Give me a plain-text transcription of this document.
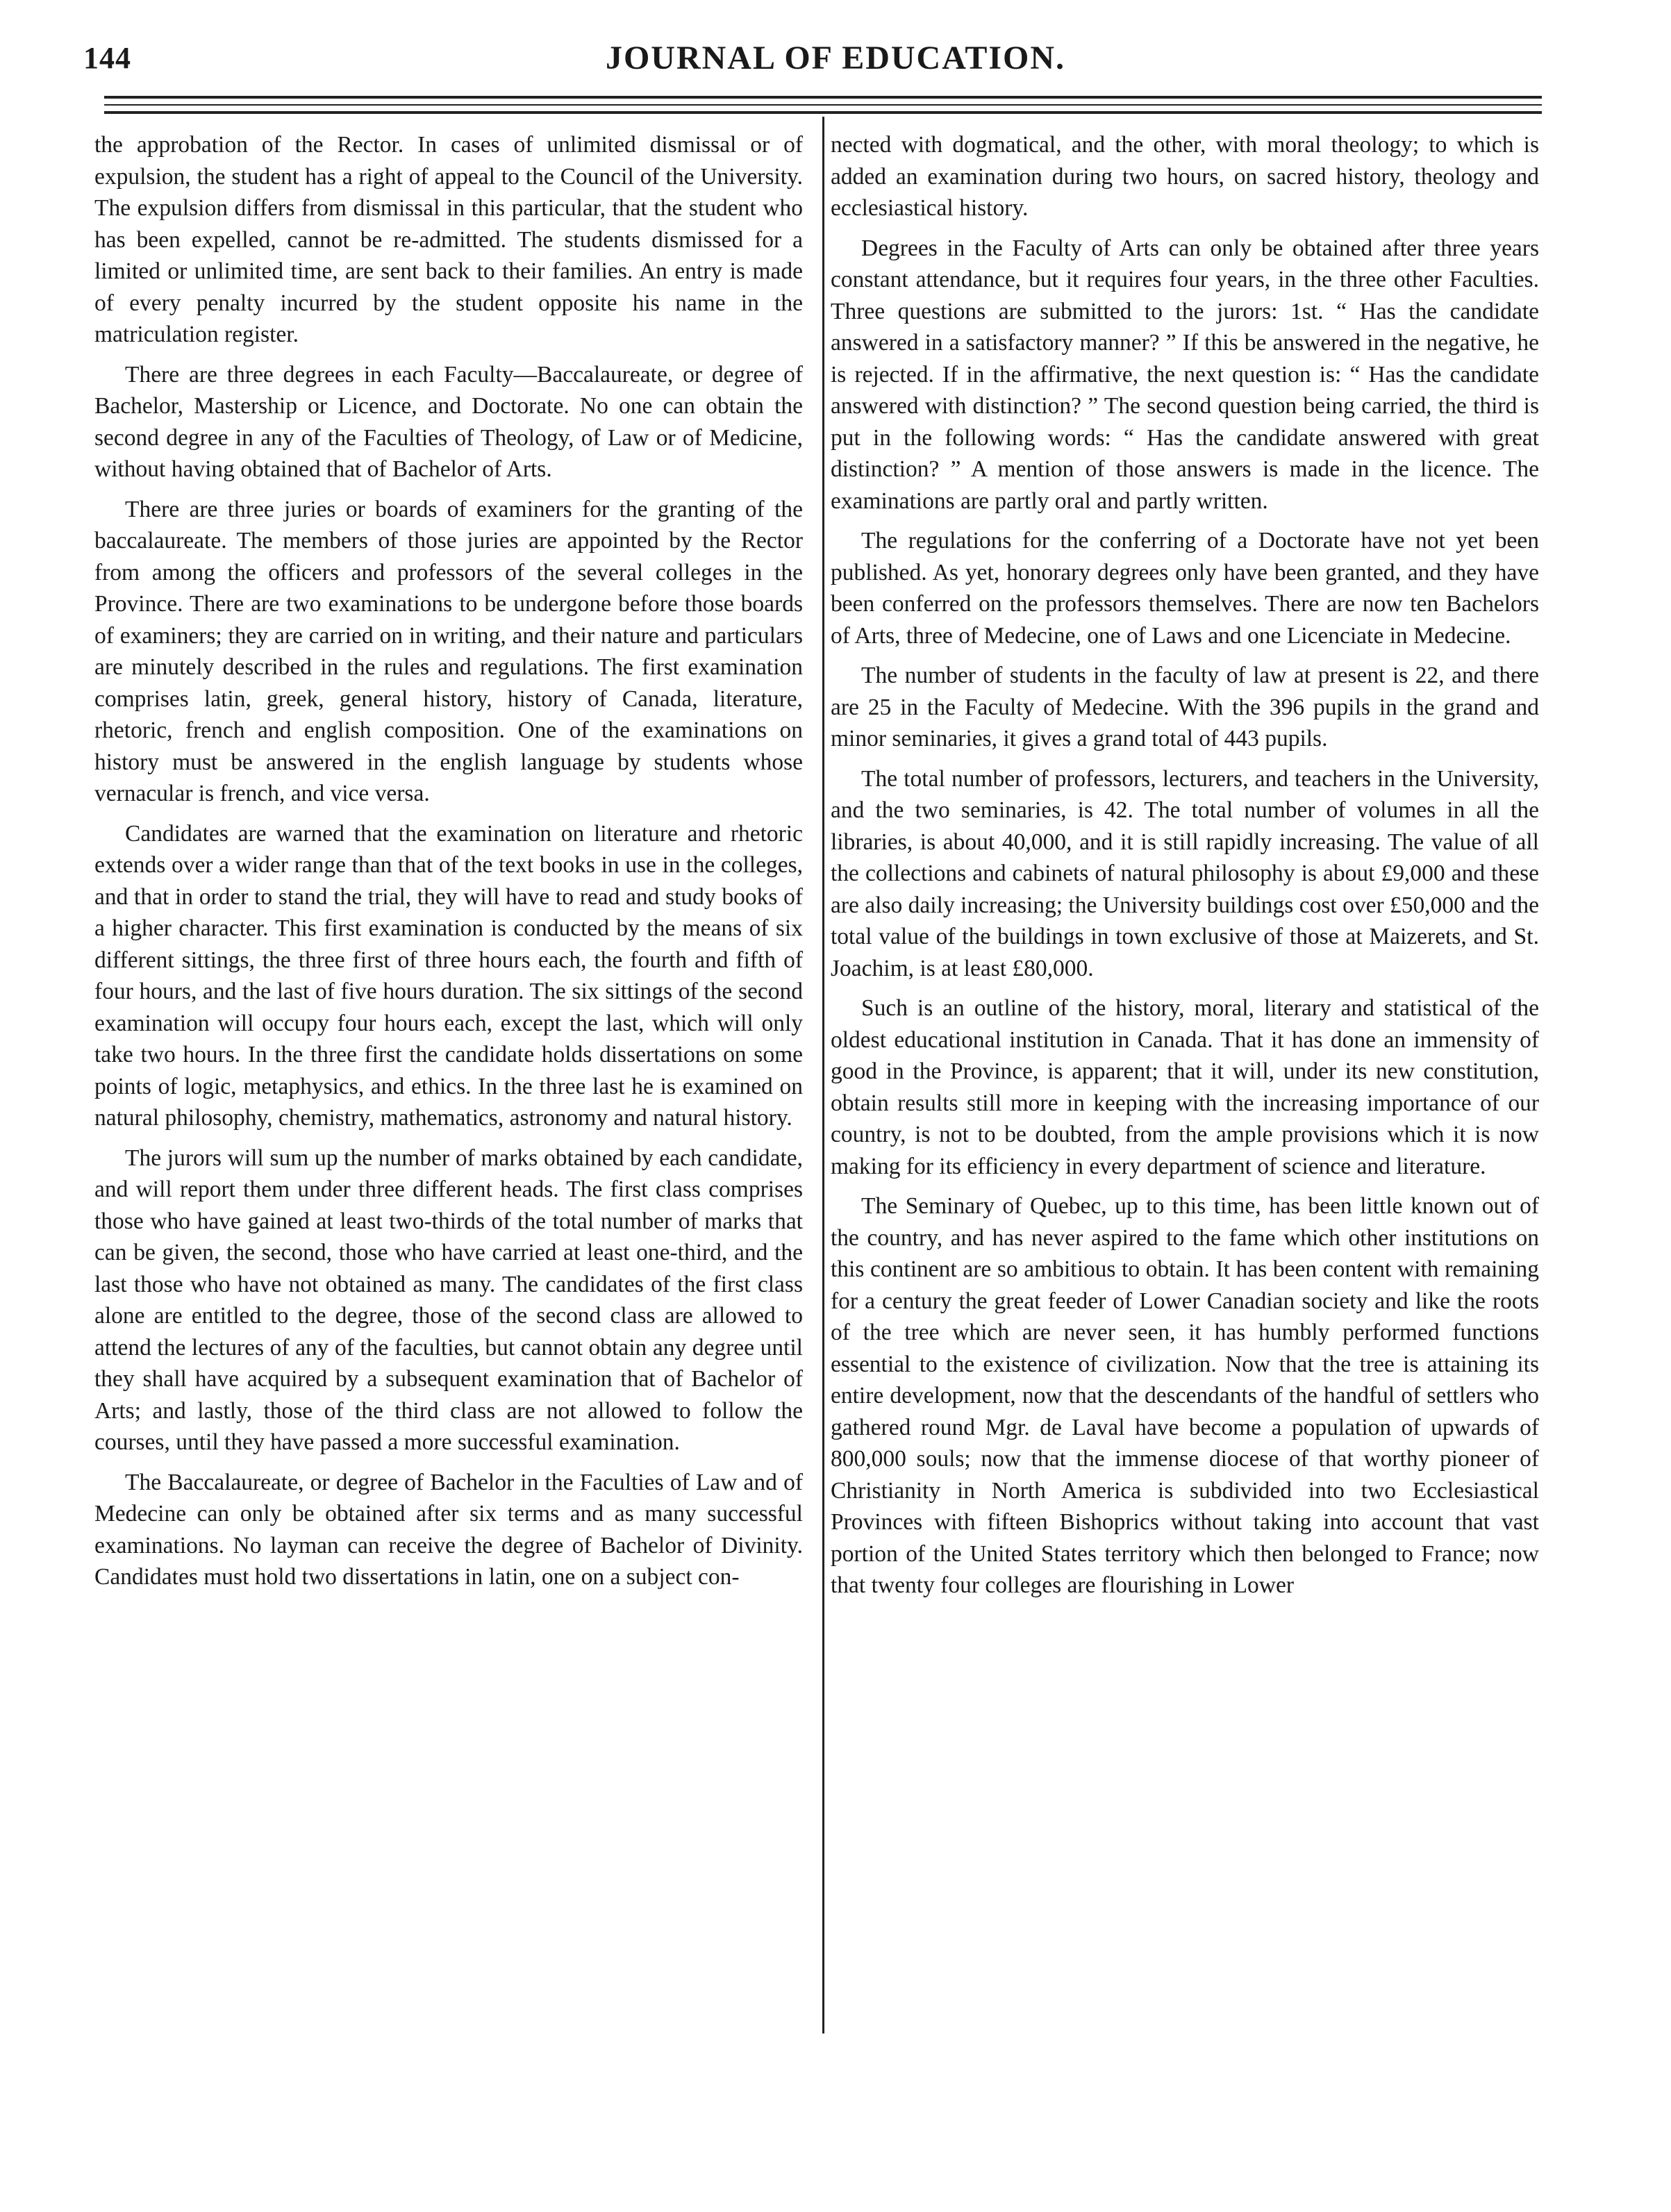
144	JOURNAL OF EDUCATION.

the approbation of the Rector. In cases of unlimited dismissal or of expulsion, the student has a right of appeal to the Council of the University. The expulsion differs from dismissal in this particular, that the student who has been expelled, cannot be re-admitted. The students dismissed for a limited or unlimited time, are sent back to their families. An entry is made of every penalty incurred by the student opposite his name in the matriculation register.

There are three degrees in each Faculty—Baccalaureate, or degree of Bachelor, Mastership or Licence, and Doctorate. No one can obtain the second degree in any of the Faculties of Theology, of Law or of Medicine, without having obtained that of Bachelor of Arts.

There are three juries or boards of examiners for the granting of the baccalaureate. The members of those juries are appointed by the Rector from among the officers and professors of the several colleges in the Province. There are two examinations to be undergone before those boards of examiners; they are carried on in writing, and their nature and particulars are minutely described in the rules and regulations. The first examination comprises latin, greek, general history, history of Canada, literature, rhetoric, french and english composition. One of the examinations on history must be answered in the english language by students whose vernacular is french, and vice versa.

Candidates are warned that the examination on literature and rhetoric extends over a wider range than that of the text books in use in the colleges, and that in order to stand the trial, they will have to read and study books of a higher character. This first examination is conducted by the means of six different sittings, the three first of three hours each, the fourth and fifth of four hours, and the last of five hours duration. The six sittings of the second examination will occupy four hours each, except the last, which will only take two hours. In the three first the candidate holds dissertations on some points of logic, metaphysics, and ethics. In the three last he is examined on natural philosophy, chemistry, mathematics, astronomy and natural history.

The jurors will sum up the number of marks obtained by each candidate, and will report them under three different heads. The first class comprises those who have gained at least two-thirds of the total number of marks that can be given, the second, those who have carried at least one-third, and the last those who have not obtained as many. The candidates of the first class alone are entitled to the degree, those of the second class are allowed to attend the lectures of any of the faculties, but cannot obtain any degree until they shall have acquired by a subsequent examination that of Bachelor of Arts; and lastly, those of the third class are not allowed to follow the courses, until they have passed a more successful examination.

The Baccalaureate, or degree of Bachelor in the Faculties of Law and of Medecine can only be obtained after six terms and as many successful examinations. No layman can receive the degree of Bachelor of Divinity. Candidates must hold two dissertations in latin, one on a subject con-

nected with dogmatical, and the other, with moral theology; to which is added an examination during two hours, on sacred history, theology and ecclesiastical history.

Degrees in the Faculty of Arts can only be obtained after three years constant attendance, but it requires four years, in the three other Faculties. Three questions are submitted to the jurors: 1st. “ Has the candidate answered in a satisfactory manner? ” If this be answered in the negative, he is rejected. If in the affirmative, the next question is: “ Has the candidate answered with distinction? ” The second question being carried, the third is put in the following words: “ Has the candidate answered with great distinction? ” A mention of those answers is made in the licence. The examinations are partly oral and partly written.

The regulations for the conferring of a Doctorate have not yet been published. As yet, honorary degrees only have been granted, and they have been conferred on the professors themselves. There are now ten Bachelors of Arts, three of Medecine, one of Laws and one Licenciate in Medecine.

The number of students in the faculty of law at present is 22, and there are 25 in the Faculty of Medecine. With the 396 pupils in the grand and minor seminaries, it gives a grand total of 443 pupils.

The total number of professors, lecturers, and teachers in the University, and the two seminaries, is 42. The total number of volumes in all the libraries, is about 40,000, and it is still rapidly increasing. The value of all the collections and cabinets of natural philosophy is about £9,000 and these are also daily increasing; the University buildings cost over £50,000 and the total value of the buildings in town exclusive of those at Maizerets, and St. Joachim, is at least £80,000.

Such is an outline of the history, moral, literary and statistical of the oldest educational institution in Canada. That it has done an immensity of good in the Province, is apparent; that it will, under its new constitution, obtain results still more in keeping with the increasing importance of our country, is not to be doubted, from the ample provisions which it is now making for its efficiency in every department of science and literature.

The Seminary of Quebec, up to this time, has been little known out of the country, and has never aspired to the fame which other institutions on this continent are so ambitious to obtain. It has been content with remaining for a century the great feeder of Lower Canadian society and like the roots of the tree which are never seen, it has humbly performed functions essential to the existence of civilization. Now that the tree is attaining its entire development, now that the descendants of the handful of settlers who gathered round Mgr. de Laval have become a population of upwards of 800,000 souls; now that the immense diocese of that worthy pioneer of Christianity in North America is subdivided into two Ecclesiastical Provinces with fifteen Bishoprics without taking into account that vast portion of the United States territory which then belonged to France; now that twenty four colleges are flourishing in Lower
